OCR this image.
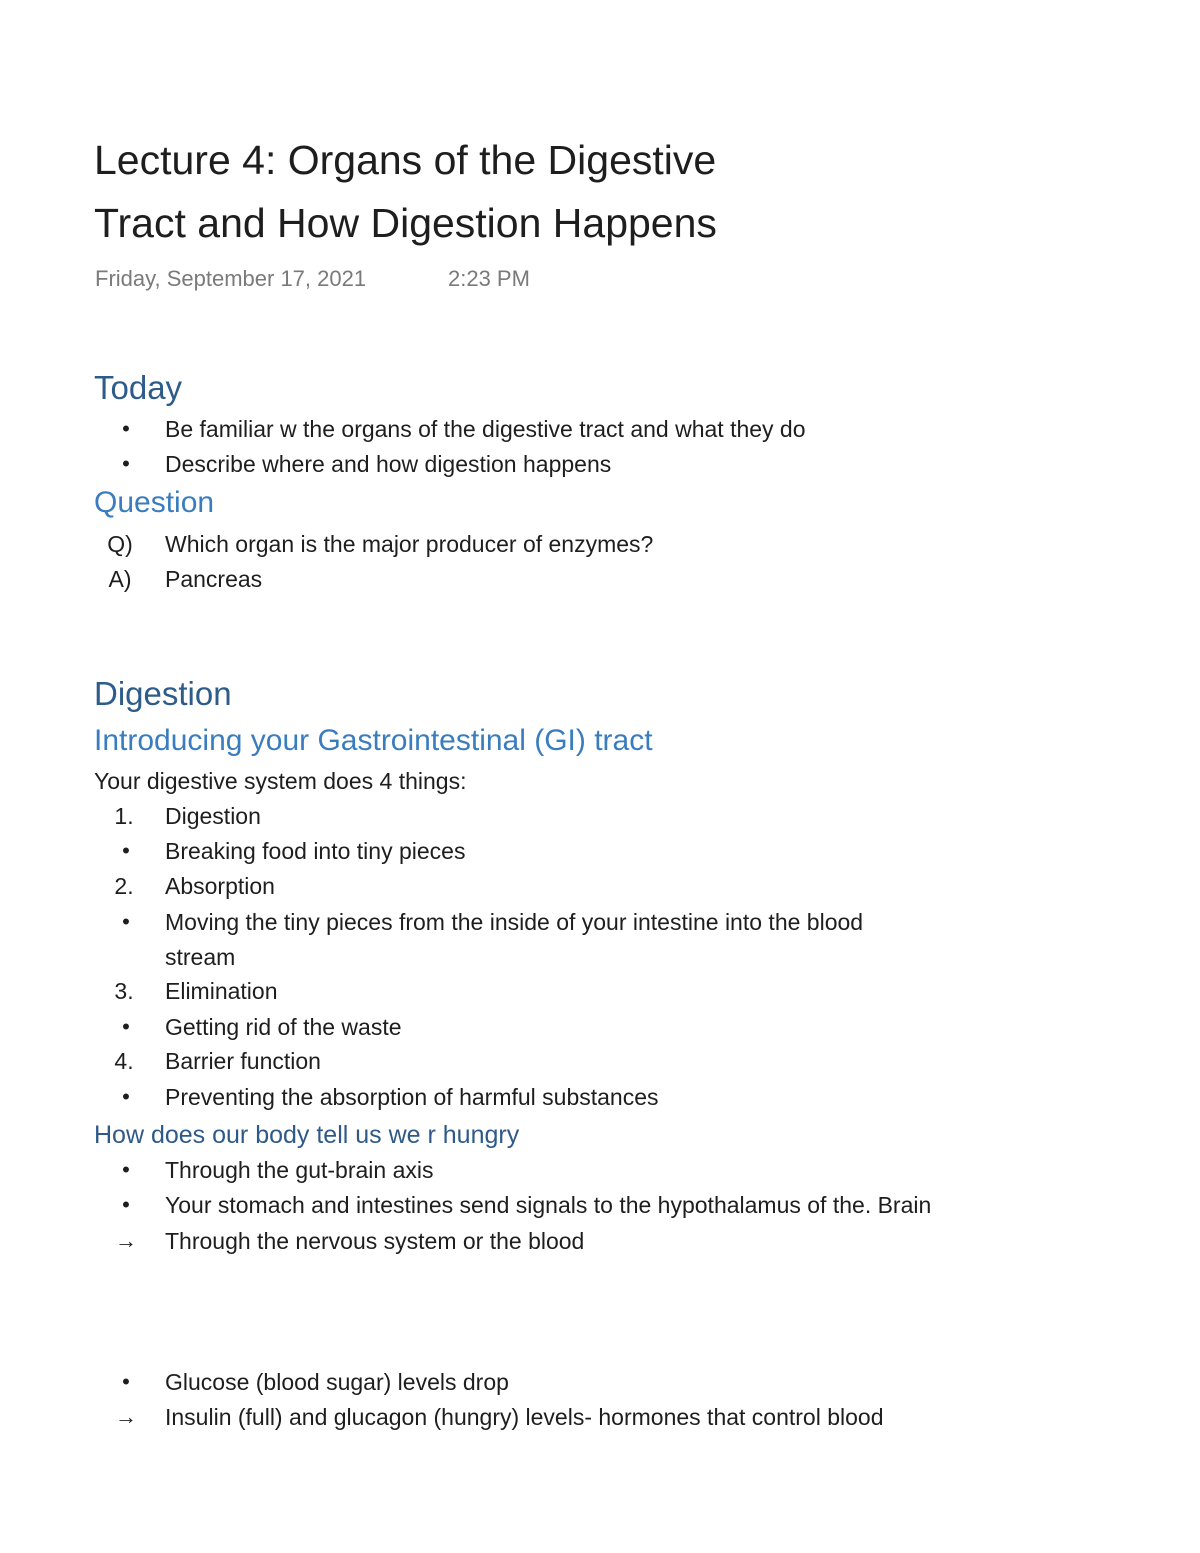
Lecture 4: Organs of the Digestive
Tract and How Digestion Happens
Friday, September 17, 2021	2:23 PM
Today
•	Be familiar w the organs of the digestive tract and what they do
•	Describe where and how digestion happens
Question
Q)	Which organ is the major producer of enzymes?
A)	Pancreas
Digestion
Introducing your Gastrointestinal (GI) tract
Your digestive system does 4 things:
1.	Digestion
•	Breaking food into tiny pieces
2.	Absorption
•	Moving the tiny pieces from the inside of your intestine into the blood
stream
3.	Elimination
•	Getting rid of the waste
4.	Barrier function
•	Preventing the absorption of harmful substances
How does our body tell us we r hungry
•	Through the gut-brain axis
•	Your stomach and intestines send signals to the hypothalamus of the. Brain
→	Through the nervous system or the blood
•	Glucose (blood sugar) levels drop
→	Insulin (full) and glucagon (hungry) levels- hormones that control blood
